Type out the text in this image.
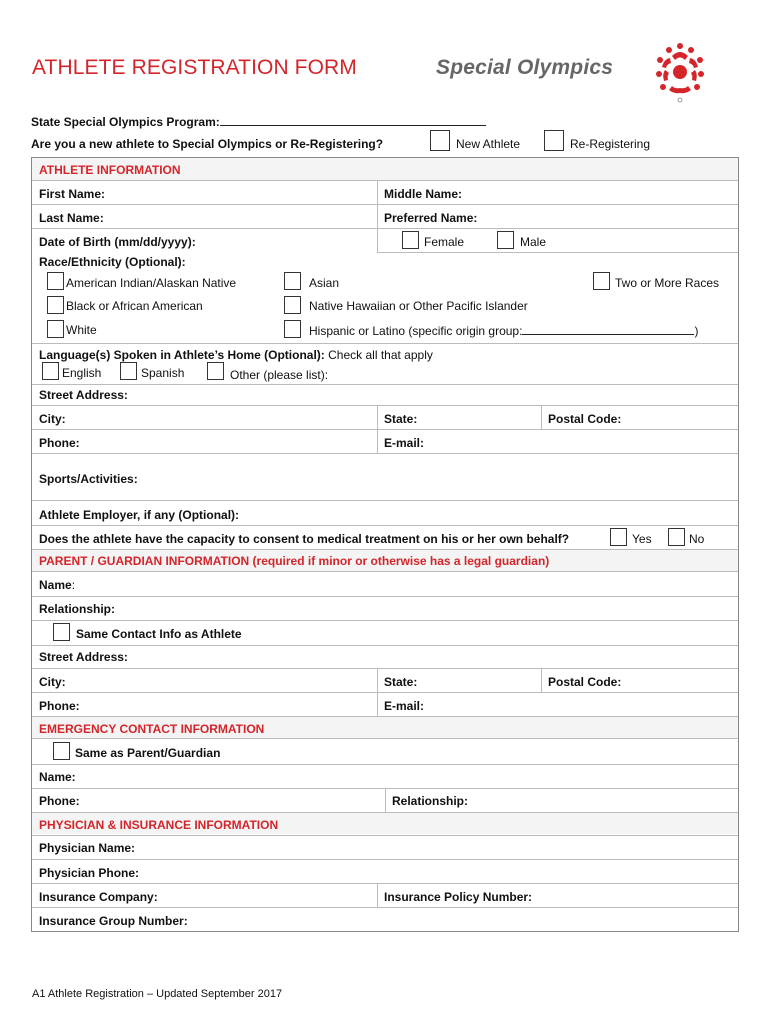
ATHLETE REGISTRATION FORM	Special Olympics
State Special Olympics Program:
Are you a new athlete to Special Olympics or Re-Registering?	New Athlete	Re-Registering
ATHLETE INFORMATION
First Name:	Middle Name:
Last Name:	Preferred Name:
Date of Birth (mm/dd/yyyy):	Female	Male
Race/Ethnicity (Optional):
American Indian/Alaskan Native	Asian	Two or More Races
Black or African American	Native Hawaiian or Other Pacific Islander
White	Hispanic or Latino (specific origin group:	)
Language(s) Spoken in Athlete’s Home (Optional): Check all that apply
English	Spanish	Other (please list):
Street Address:
City:	State:	Postal Code:
Phone:	E-mail:
Sports/Activities:
Athlete Employer, if any (Optional):
Does the athlete have the capacity to consent to medical treatment on his or her own behalf?	Yes	No
PARENT / GUARDIAN INFORMATION (required if minor or otherwise has a legal guardian)
Name:
Relationship:
Same Contact Info as Athlete
Street Address:
City:	State:	Postal Code:
Phone:	E-mail:
EMERGENCY CONTACT INFORMATION
Same as Parent/Guardian
Name:
Phone:	Relationship:
PHYSICIAN & INSURANCE INFORMATION
Physician Name:
Physician Phone:
Insurance Company:	Insurance Policy Number:
Insurance Group Number:
A1 Athlete Registration – Updated September 2017
